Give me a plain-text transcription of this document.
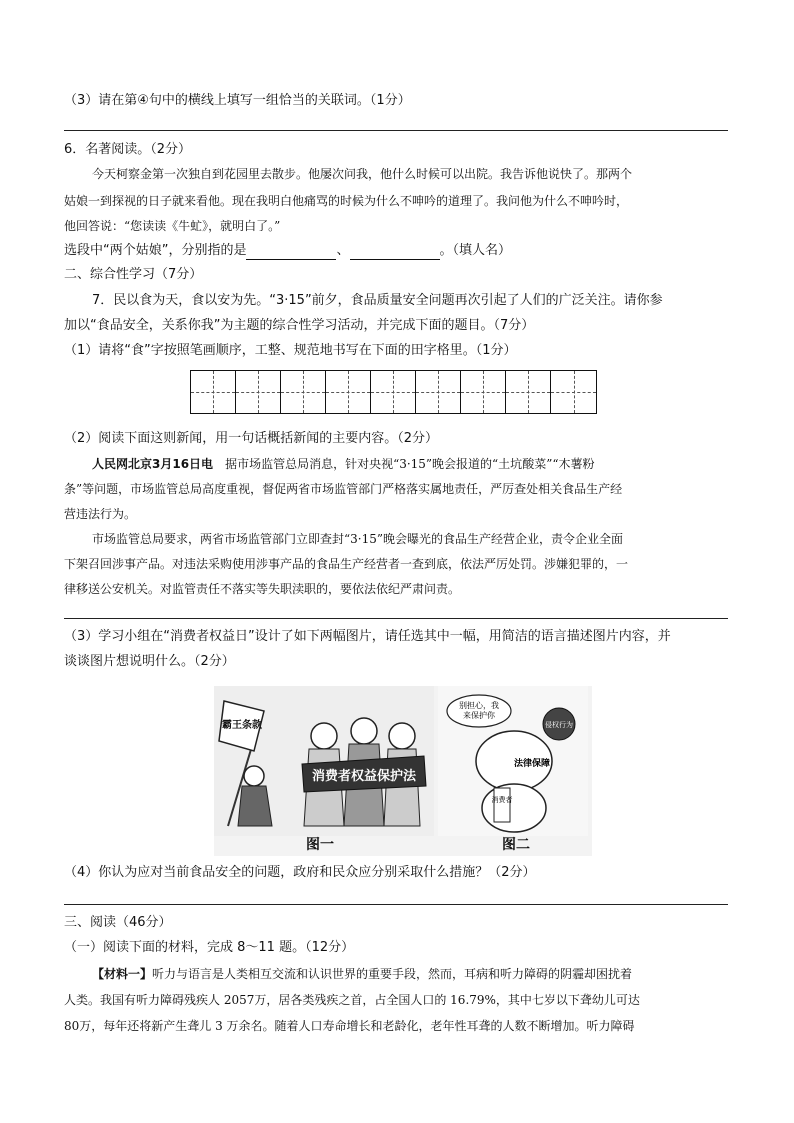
（3）请在第④句中的横线上填写一组恰当的关联词。（1分）
6．名著阅读。（2分）
今天柯察金第一次独自到花园里去散步。他屡次问我，他什么时候可以出院。我告诉他说快了。那两个
姑娘一到探视的日子就来看他。现在我明白他痛骂的时候为什么不呻吟的道理了。我问他为什么不呻吟时，
他回答说：“您读读《牛虻》，就明白了。”
选段中“两个姑娘”，分别指的是	、	。（填人名）
二、综合性学习（7分）
7．民以食为天，食以安为先。“3·15”前夕，食品质量安全问题再次引起了人们的广泛关注。请你参
加以“食品安全，关系你我”为主题的综合性学习活动，并完成下面的题目。（7分）
（1）请将“食”字按照笔画顺序，工整、规范地书写在下面的田字格里。（1分）
（2）阅读下面这则新闻，用一句话概括新闻的主要内容。（2分）
人民网北京3月16日电　据市场监管总局消息，针对央视“3·15”晚会报道的“土坑酸菜”“木薯粉
条”等问题，市场监管总局高度重视，督促两省市场监管部门严格落实属地责任，严厉查处相关食品生产经
营违法行为。
市场监管总局要求，两省市场监管部门立即查封“3·15”晚会曝光的食品生产经营企业，责令企业全面
下架召回涉事产品。对违法采购使用涉事产品的食品生产经营者一查到底，依法严厉处罚。涉嫌犯罪的，一
律移送公安机关。对监管责任不落实等失职渎职的，要依法依纪严肃问责。
（3）学习小组在“消费者权益日”设计了如下两幅图片，请任选其中一幅，用简洁的语言描述图片内容，并
谈谈图片想说明什么。（2分）
消费者权益保护法
霸王条款
别担心，我
来保护你
法律保障
消费者
侵权行为
图一	图二
（4）你认为应对当前食品安全的问题，政府和民众应分别采取什么措施？（2分）
三、阅读（46分）
（一）阅读下面的材料，完成 8～11 题。（12分）
【材料一】听力与语言是人类相互交流和认识世界的重要手段，然而，耳病和听力障碍的阴霾却困扰着
人类。我国有听力障碍残疾人 2057万，居各类残疾之首，占全国人口的 16.79%，其中七岁以下聋幼儿可达
80万，每年还将新产生聋儿 3 万余名。随着人口寿命增长和老龄化，老年性耳聋的人数不断增加。听力障碍
